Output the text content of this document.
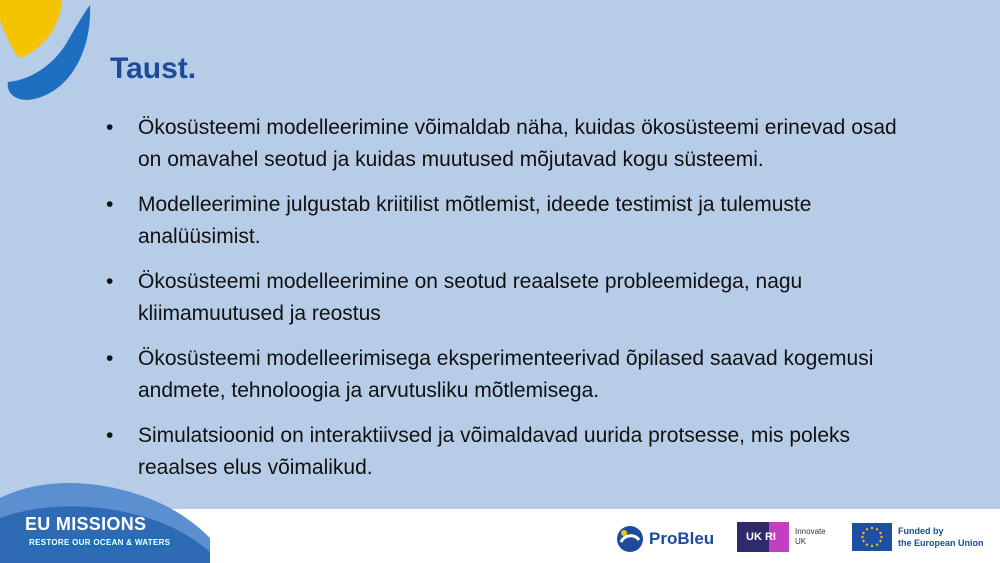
Taust.
• Ökosüsteemi modelleerimine võimaldab näha, kuidas ökosüsteemi erinevad osad on omavahel seotud ja kuidas muutused mõjutavad kogu süsteemi.
• Modelleerimine julgustab kriitilist mõtlemist, ideede testimist ja tulemuste analüüsimist.
• Ökosüsteemi modelleerimine on seotud reaalsete probleemidega, nagu kliimamuutused ja reostus
• Ökosüsteemi modelleerimisega eksperimenteerivad õpilased saavad kogemusi andmete, tehnoloogia ja arvutusliku mõtlemisega.
• Simulatsioonid on interaktiivsed ja võimaldavad uurida protsesse, mis poleks reaalses elus võimalikud.
EU MISSIONS
RESTORE OUR OCEAN & WATERS	ProBleu	UK RI Innovate
UK
Funded by
the European Union
